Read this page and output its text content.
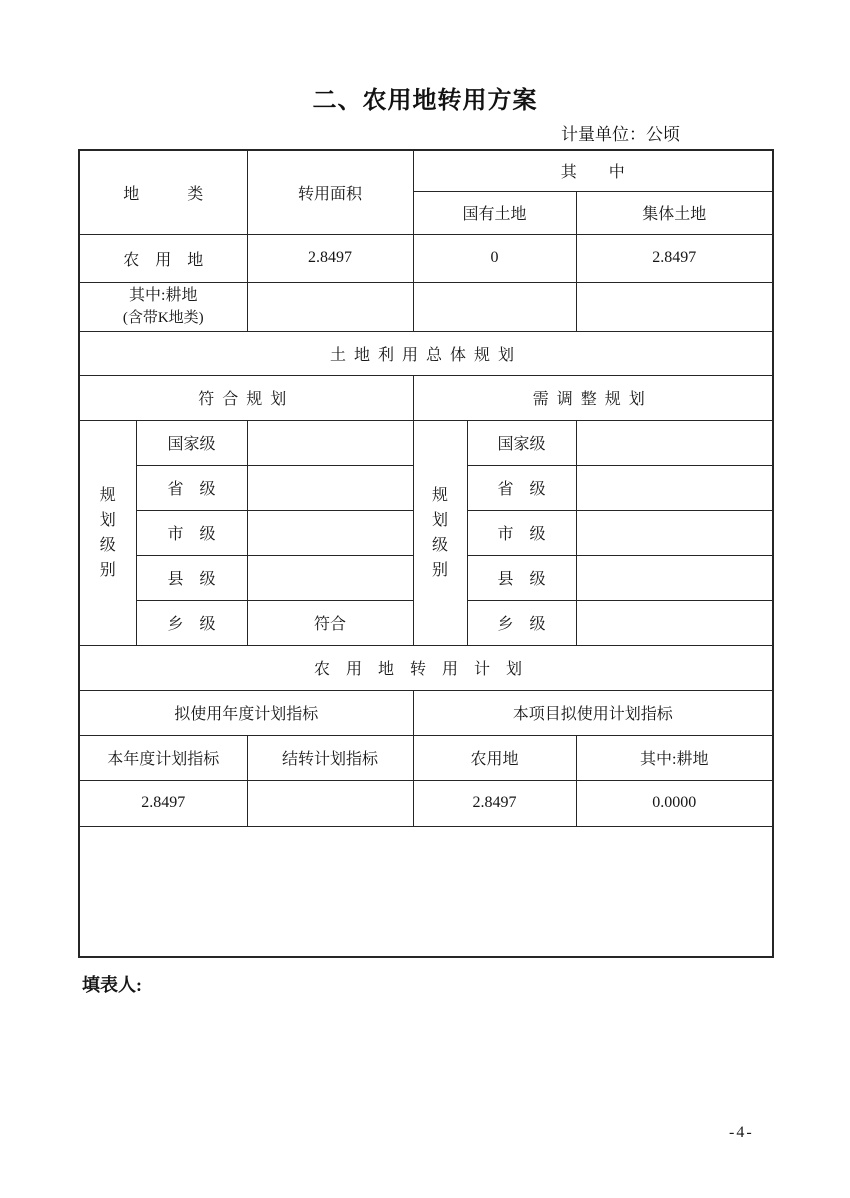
二、农用地转用方案
计量单位：公顷
地　　　类		转用面积	其　　中		
			国有土地		集体土地
农　用　地		2.8497	0		2.8497

其中:耕地
(含带K地类)					

土地利用总体规划					
符合规划			需调整规划		
规划级别	国家级		规划级别	国家级	
	省　级			省　级	
	市　级			市　级	
	县　级			县　级	
	乡　级	符合		乡　级	
农用地转用计划					
拟使用年度计划指标			本项目拟使用计划指标		
本年度计划指标		结转计划指标	农用地		其中:耕地
2.8497			2.8497		0.0000

填表人:
-4-
